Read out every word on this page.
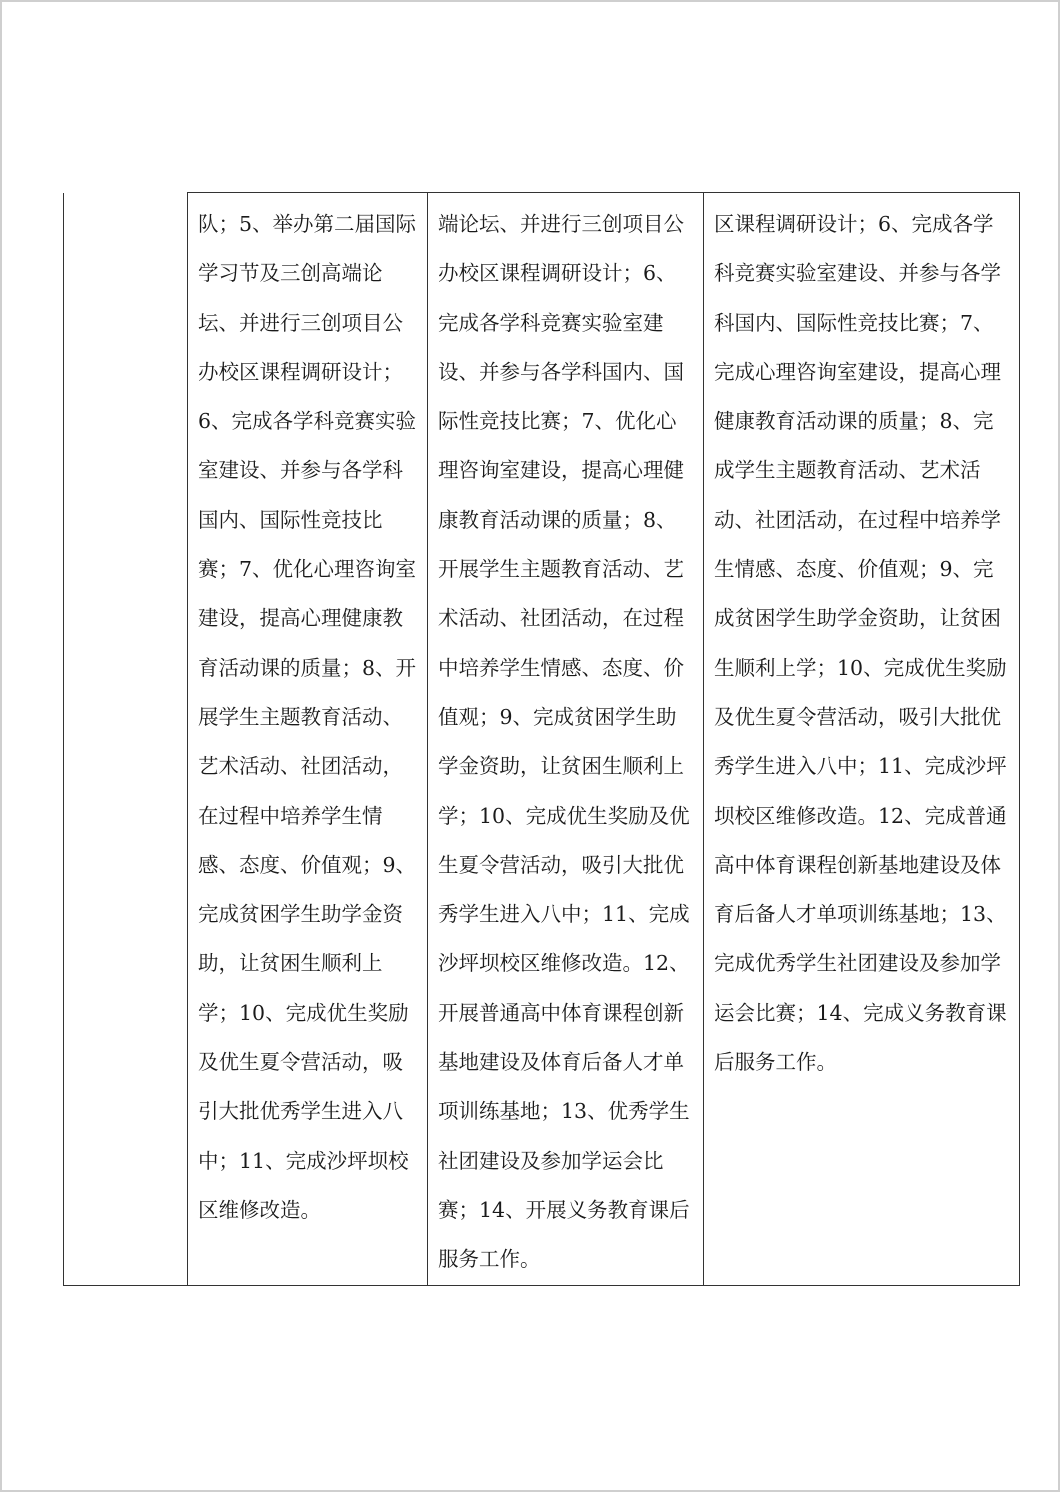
队；5、举办第二届国际学习节及三创高端论坛、并进行三创项目公办校区课程调研设计；6、完成各学科竞赛实验室建设、并参与各学科国内、国际性竞技比赛；7、优化心理咨询室建设，提高心理健康教育活动课的质量；8、开展学生主题教育活动、艺术活动、社团活动，在过程中培养学生情感、态度、价值观；9、完成贫困学生助学金资助，让贫困生顺利上学；10、完成优生奖励及优生夏令营活动，吸引大批优秀学生进入八中；11、完成沙坪坝校区维修改造。

端论坛、并进行三创项目公办校区课程调研设计；6、完成各学科竞赛实验室建设、并参与各学科国内、国际性竞技比赛；7、优化心理咨询室建设，提高心理健康教育活动课的质量；8、开展学生主题教育活动、艺术活动、社团活动，在过程中培养学生情感、态度、价值观；9、完成贫困学生助学金资助，让贫困生顺利上学；10、完成优生奖励及优生夏令营活动，吸引大批优秀学生进入八中；11、完成沙坪坝校区维修改造。12、开展普通高中体育课程创新基地建设及体育后备人才单项训练基地；13、优秀学生社团建设及参加学运会比赛；14、开展义务教育课后服务工作。

区课程调研设计；6、完成各学科竞赛实验室建设、并参与各学科国内、国际性竞技比赛；7、完成心理咨询室建设，提高心理健康教育活动课的质量；8、完成学生主题教育活动、艺术活动、社团活动，在过程中培养学生情感、态度、价值观；9、完成贫困学生助学金资助，让贫困生顺利上学；10、完成优生奖励及优生夏令营活动，吸引大批优秀学生进入八中；11、完成沙坪坝校区维修改造。12、完成普通高中体育课程创新基地建设及体育后备人才单项训练基地；13、完成优秀学生社团建设及参加学运会比赛；14、完成义务教育课后服务工作。
